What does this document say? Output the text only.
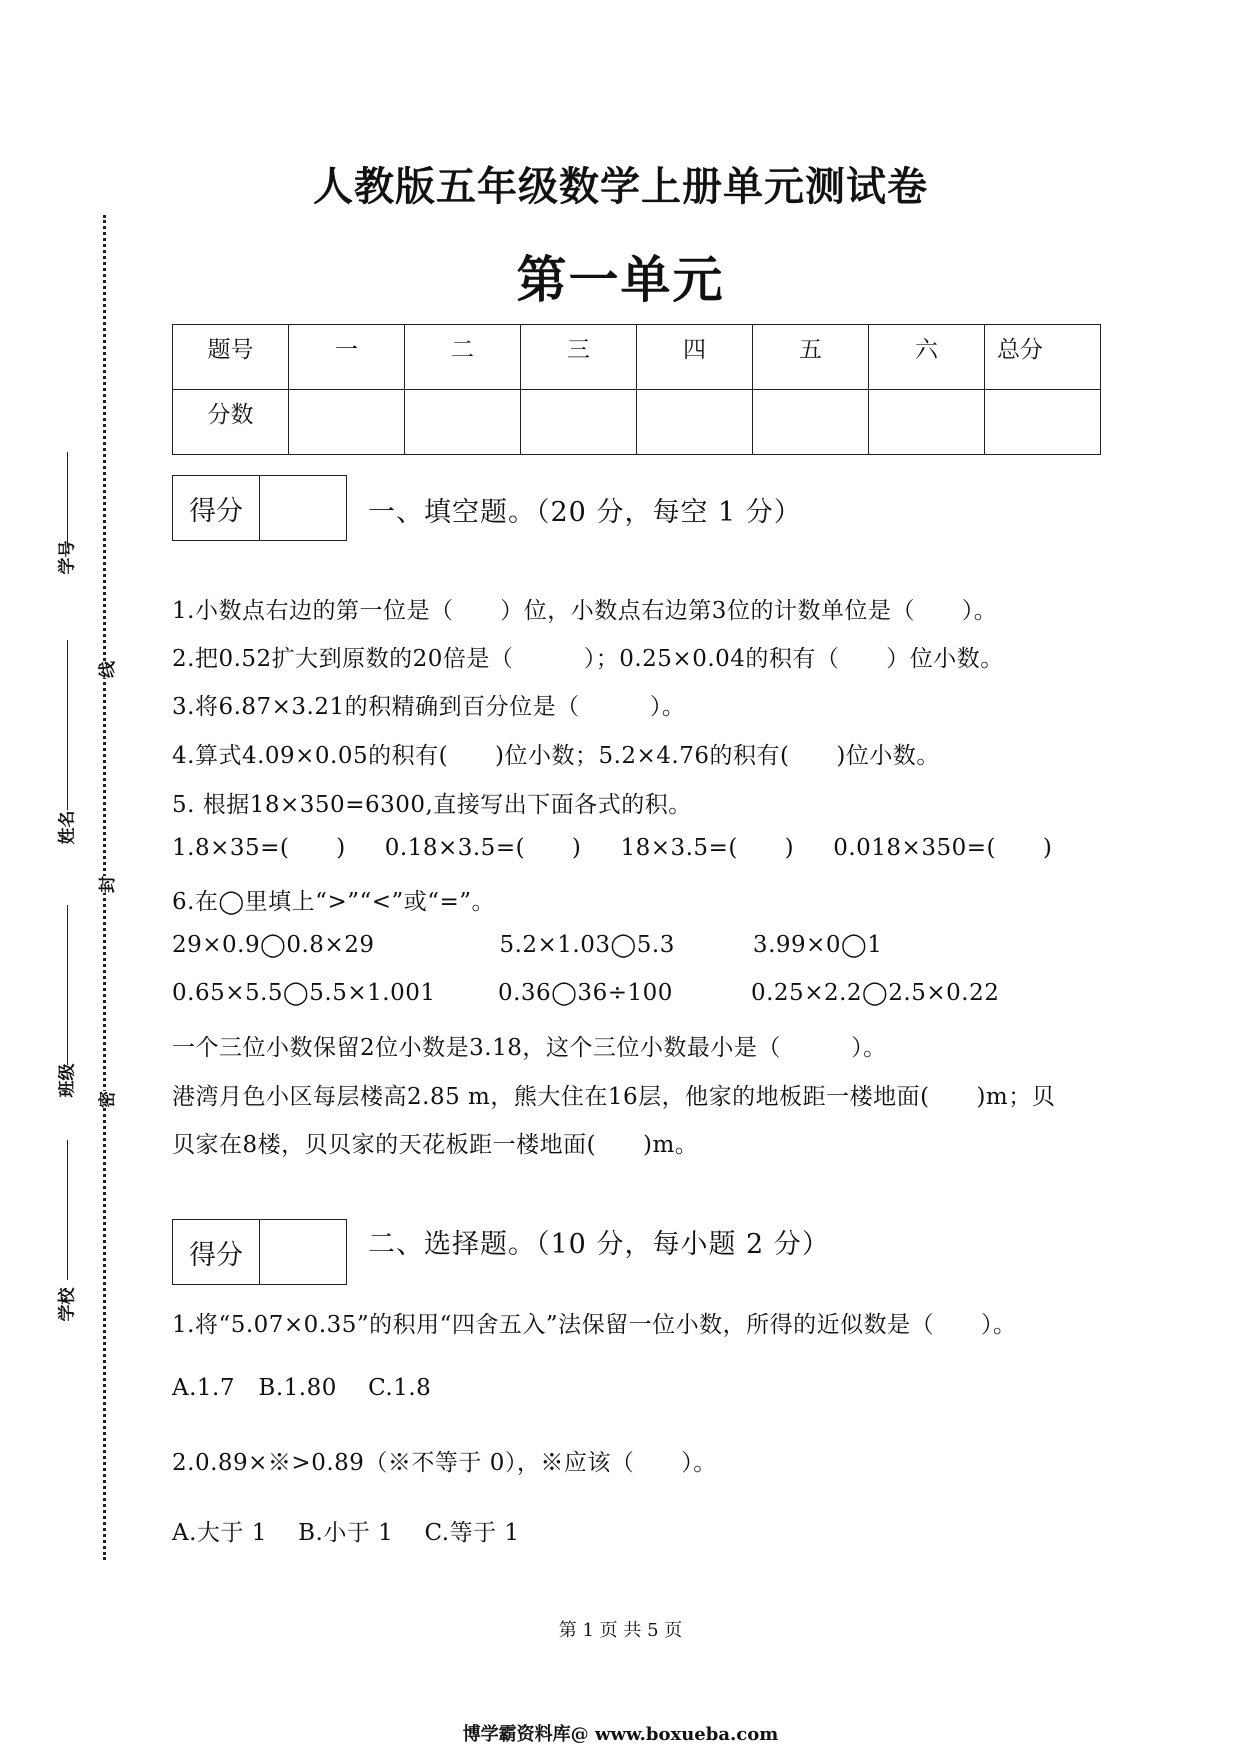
学号
姓名
班级
学校
线
封
密
人教版五年级数学上册单元测试卷
第一单元
题号	一	二	三	四	五	六	总分
分数							
得分	一、填空题。（20 分，每空 1 分）
1.小数点右边的第一位是（      ）位，小数点右边第3位的计数单位是（      ）。
2.把0.52扩大到原数的20倍是（         ）；0.25×0.04的积有（      ）位小数。
3.将6.87×3.21的积精确到百分位是（         ）。
4.算式4.09×0.05的积有(      )位小数；5.2×4.76的积有(      )位小数。
5. 根据18×350=6300,直接写出下面各式的积。
1.8×35=(      )     0.18×3.5=(      )     18×3.5=(      )     0.018×350=(      )
6.在◯里填上“>”“<”或“=”。
29×0.9◯0.8×29                5.2×1.03◯5.3          3.99×0◯1
0.65×5.5◯5.5×1.001        0.36◯36÷100          0.25×2.2◯2.5×0.22
一个三位小数保留2位小数是3.18，这个三位小数最小是（         ）。
港湾月色小区每层楼高2.85 m，熊大住在16层，他家的地板距一楼地面(      )m；贝
贝家在8楼，贝贝家的天花板距一楼地面(      )m。
得分	二、选择题。（10 分，每小题 2 分）
1.将“5.07×0.35”的积用“四舍五入”法保留一位小数，所得的近似数是（      ）。
A.1.7   B.1.80    C.1.8
2.0.89×※>0.89（※不等于 0），※应该（      ）。
A.大于 1    B.小于 1    C.等于 1
第 1 页 共 5 页
博学霸资料库@ www.boxueba.com
